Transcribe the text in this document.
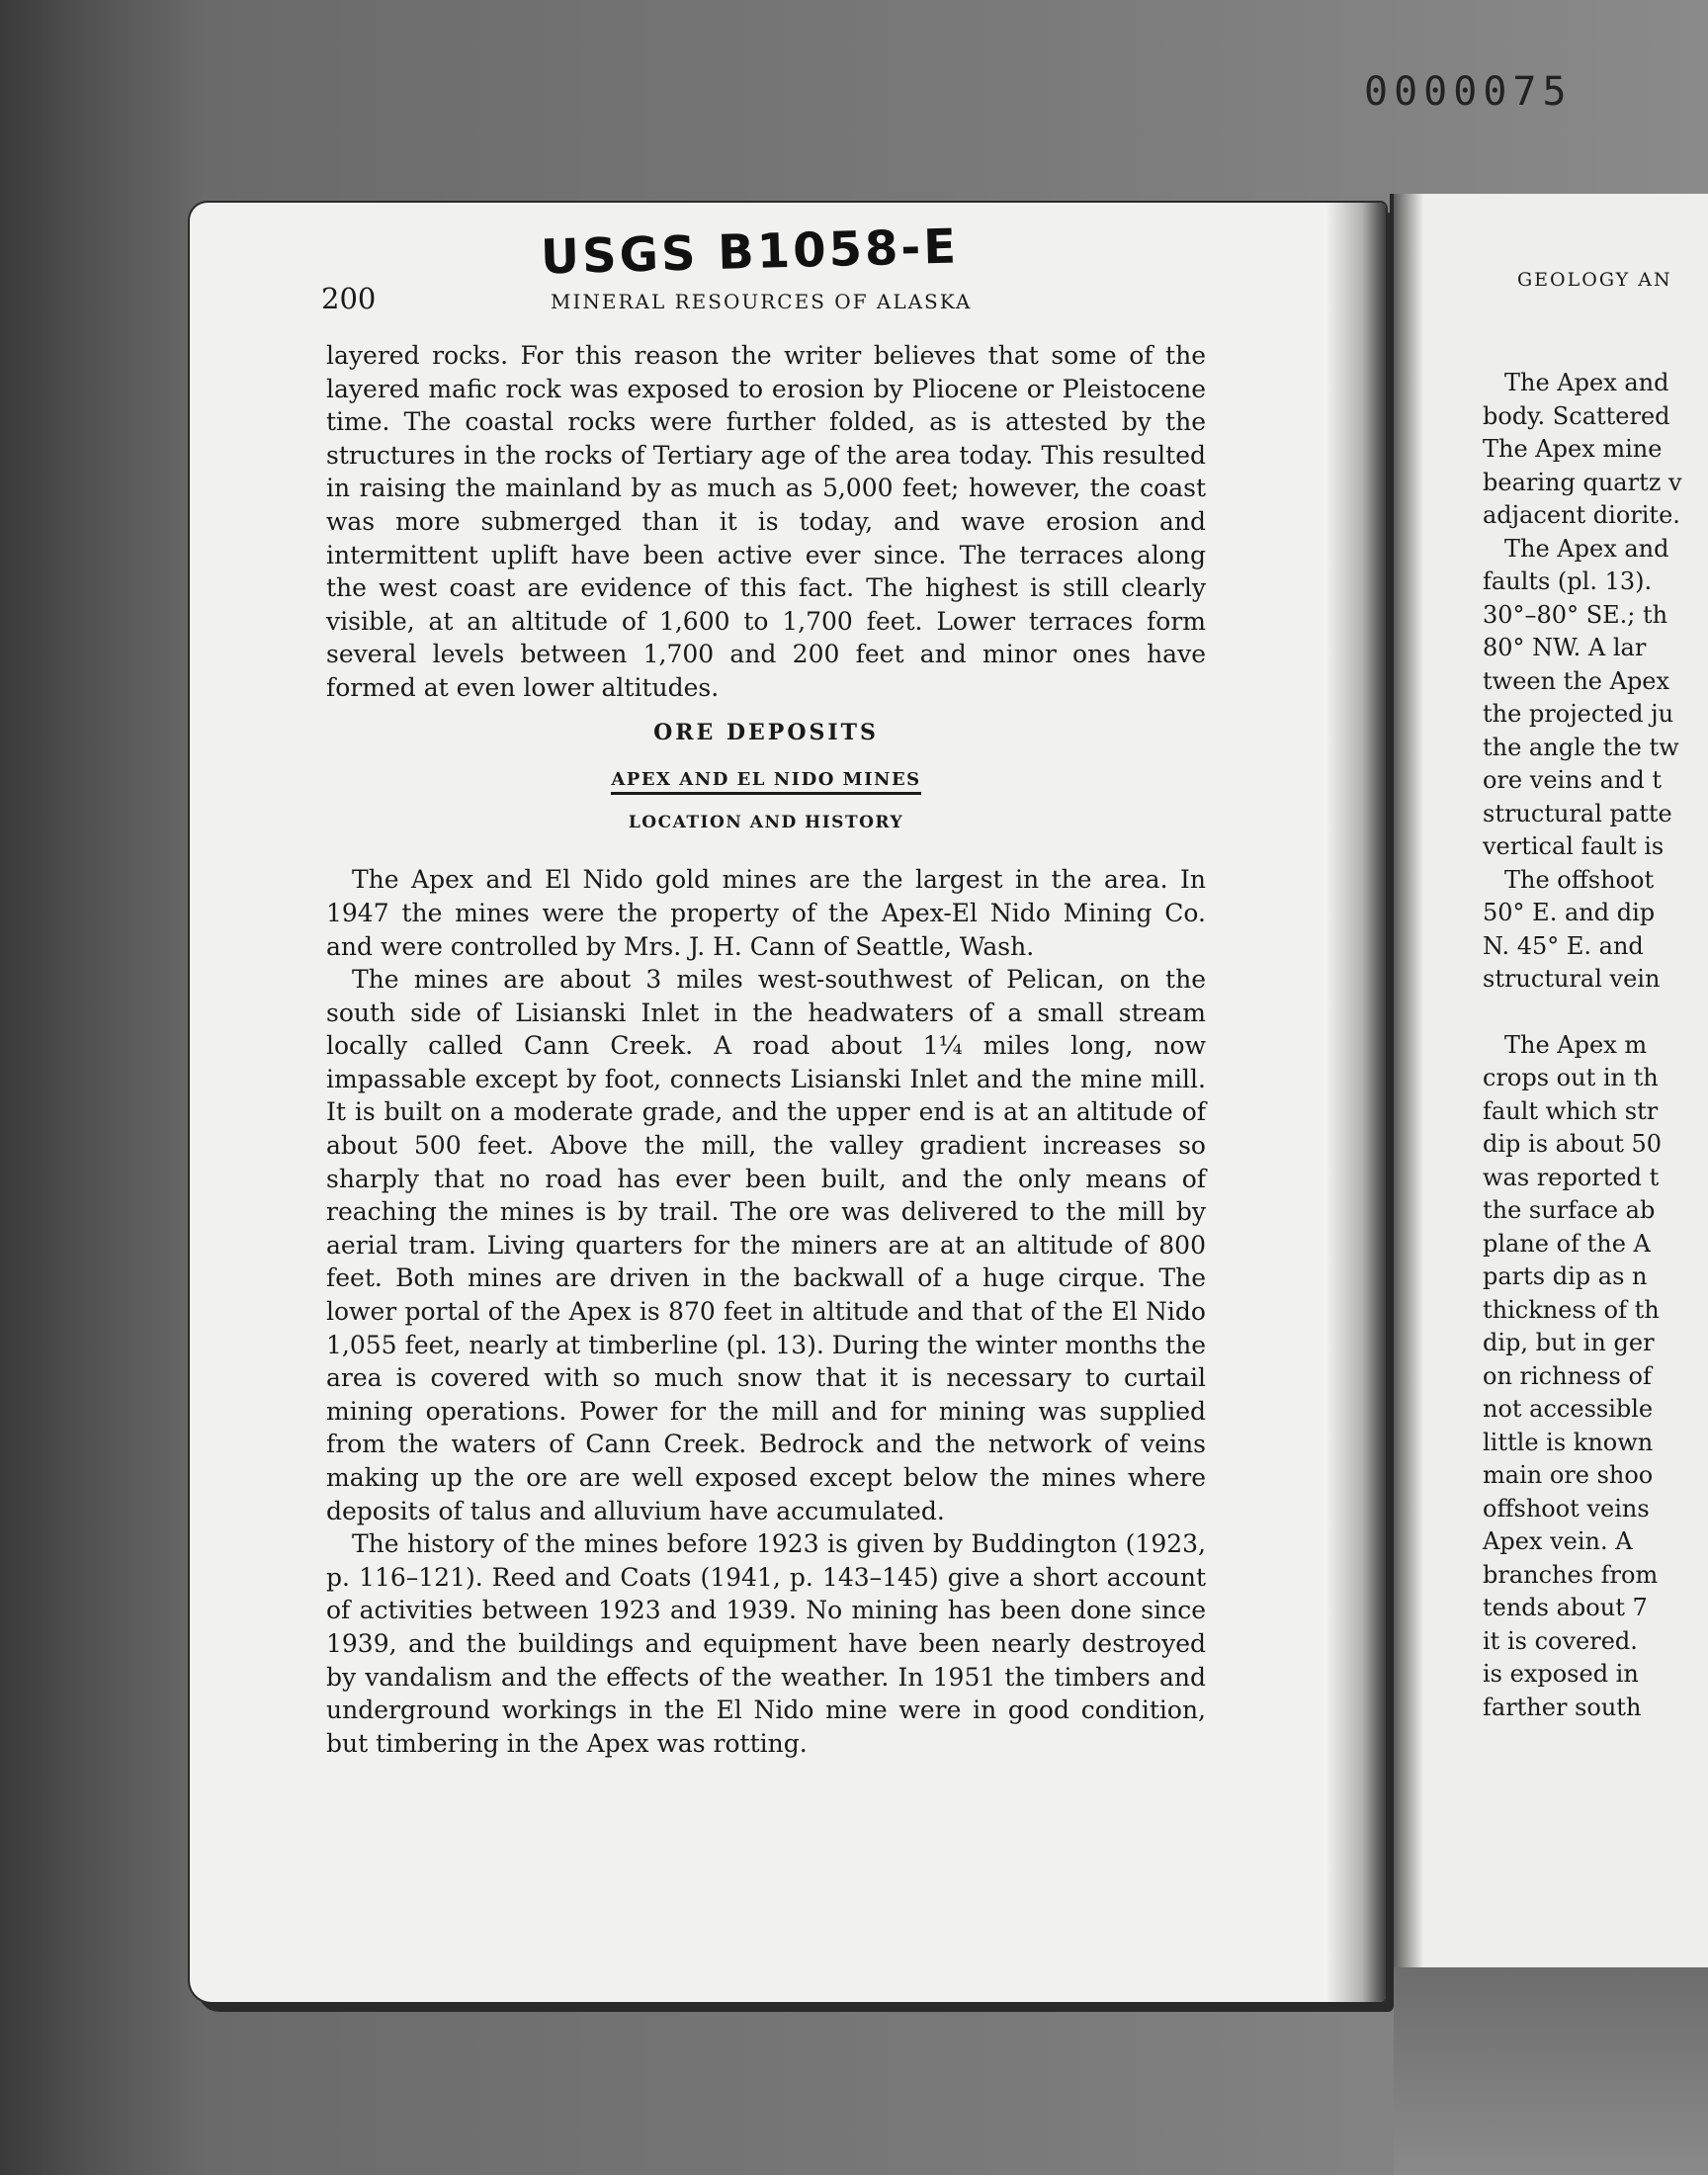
0000075
USGS B1058-E
200	MINERAL RESOURCES OF ALASKA

layered rocks. For this reason the writer believes that some of the layered mafic rock was exposed to erosion by Pliocene or Pleistocene time. The coastal rocks were further folded, as is attested by the structures in the rocks of Tertiary age of the area today. This resulted in raising the mainland by as much as 5,000 feet; however, the coast was more submerged than it is today, and wave erosion and intermittent uplift have been active ever since. The terraces along the west coast are evidence of this fact. The highest is still clearly visible, at an altitude of 1,600 to 1,700 feet. Lower terraces form several levels between 1,700 and 200 feet and minor ones have formed at even lower altitudes.

ORE DEPOSITS
APEX AND EL NIDO MINES
LOCATION AND HISTORY

The Apex and El Nido gold mines are the largest in the area. In 1947 the mines were the property of the Apex-El Nido Mining Co. and were controlled by Mrs. J. H. Cann of Seattle, Wash.

The mines are about 3 miles west-southwest of Pelican, on the south side of Lisianski Inlet in the headwaters of a small stream locally called Cann Creek. A road about 1¼ miles long, now impassable except by foot, connects Lisianski Inlet and the mine mill. It is built on a moderate grade, and the upper end is at an altitude of about 500 feet. Above the mill, the valley gradient increases so sharply that no road has ever been built, and the only means of reaching the mines is by trail. The ore was delivered to the mill by aerial tram. Living quarters for the miners are at an altitude of 800 feet. Both mines are driven in the backwall of a huge cirque. The lower portal of the Apex is 870 feet in altitude and that of the El Nido 1,055 feet, nearly at timberline (pl. 13). During the winter months the area is covered with so much snow that it is necessary to curtail mining operations. Power for the mill and for mining was supplied from the waters of Cann Creek. Bedrock and the network of veins making up the ore are well exposed except below the mines where deposits of talus and alluvium have accumulated.

The history of the mines before 1923 is given by Buddington (1923, p. 116–121). Reed and Coats (1941, p. 143–145) give a short account of activities between 1923 and 1939. No mining has been done since 1939, and the buildings and equipment have been nearly destroyed by vandalism and the effects of the weather. In 1951 the timbers and underground workings in the El Nido mine were in good condition, but timbering in the Apex was rotting.

GEOLOGY AN
The Apex and
body. Scattered
The Apex mine
bearing quartz v
adjacent diorite.
The Apex and
faults (pl. 13).
30°–80° SE.; th
80° NW. A lar
tween the Apex
the projected ju
the angle the tw
ore veins and t
structural patte
vertical fault is
The offshoot
50° E. and dip
N. 45° E. and
structural vein
The Apex m
crops out in th
fault which str
dip is about 50
was reported t
the surface ab
plane of the A
parts dip as n
thickness of th
dip, but in ger
on richness of
not accessible
little is known
main ore shoo
offshoot veins
Apex vein. A
branches from
tends about 7
it is covered.
is exposed in
farther south
